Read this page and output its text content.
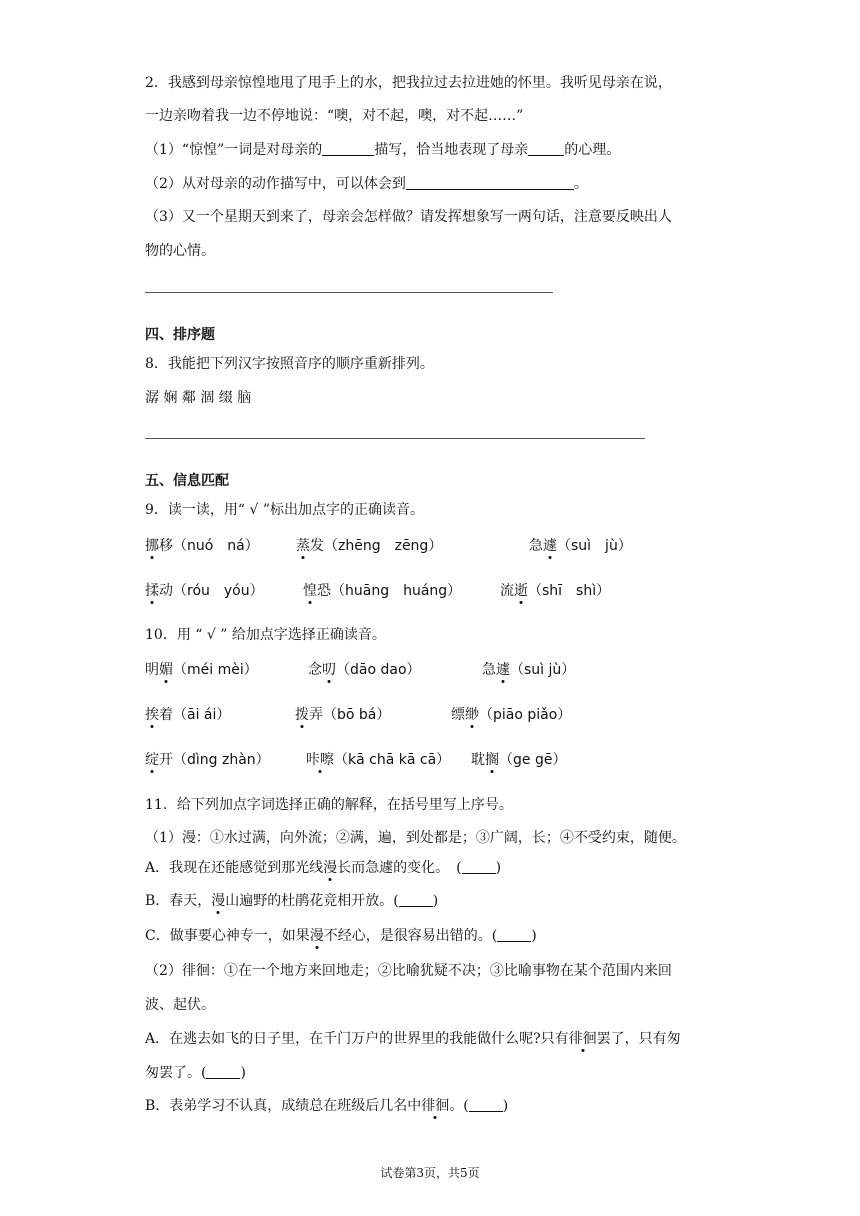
2．我感到母亲惊惶地甩了甩手上的水，把我拉过去拉进她的怀里。我听见母亲在说，
一边亲吻着我一边不停地说：“噢，对不起，噢，对不起……”
（1）“惊惶”一词是对母亲的	描写，恰当地表现了母亲	的心理。
（2）从对母亲的动作描写中，可以体会到	。
（3）又一个星期天到来了，母亲会怎样做？请发挥想象写一两句话，注意要反映出人
物的心情。
四、排序题
8．我能把下列汉字按照音序的顺序重新排列。
潺 娴 鄰 涸 缀 脑
五、信息匹配
9．读一读，用“ √ ”标出加点字的正确读音。
挪移（nuó　ná）	蒸发（zhēng　zēng）	急遽（suì　jù）
揉动（róu　yóu）	惶恐（huāng　huáng）	流逝（shī　shì）
10．用 “ √ ” 给加点字选择正确读音。
明媚（méi mèi）	念叨（dāo dao）	急遽（suì jù）
挨着（āi ái）	拨弄（bō bá）	缥缈（piāo piǎo）
绽开（dìng zhàn）	咔嚓（kā chā kā cā） 耽搁（ge gē）
11．给下列加点字词选择正确的解释，在括号里写上序号。
（1）漫：①水过满，向外流；②满，遍，到处都是；③广阔，长；④不受约束，随便。
A．我现在还能感觉到那光线漫长而急遽的变化。　( )
B．春天，漫山遍野的杜鹃花竞相开放。( )
C．做事要心神专一，如果漫不经心，是很容易出错的。( )
（2）徘徊：①在一个地方来回地走；②比喻犹疑不决；③比喻事物在某个范围内来回
波、起伏。
A．在逃去如飞的日子里，在千门万户的世界里的我能做什么呢?只有徘徊罢了，只有匆
匆罢了。( )
B．表弟学习不认真，成绩总在班级后几名中徘徊。( )
试卷第3页，共5页
